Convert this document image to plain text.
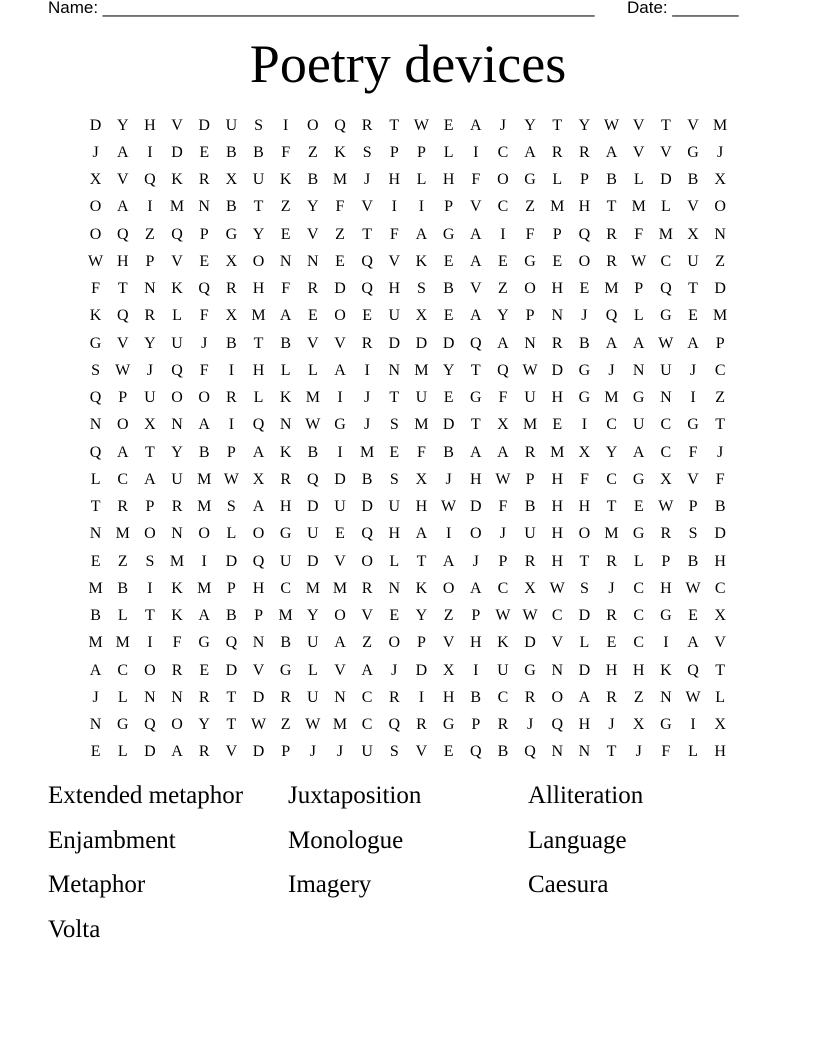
Name: ____________________________________________________ Date: _______
Poetry devices
D Y H V D U	S	I	O Q	R	T W E	A	J	Y	T	Y W V	T	V M
J	A	I	D	E	B	B	F	Z	K	S	P	P	L	I	C	A	R	R	A V V G	J
X V Q K	R	X U K	B M	J	H	L	H	F	O G	L	P	B	L	D	B	X
O A	I	M N	B	T	Z	Y	F	V	I	I	P	V	C	Z M H	T M L	V O
O Q	Z	Q	P	G Y	E	V	Z	T	F	A G A	I	F	P	Q	R	F M X N
W H	P	V	E	X O N N	E	Q V K	E	A	E	G	E	O	R W C	U	Z
F	T	N K Q	R	H	F	R	D Q H	S	B	V	Z	O H	E M P	Q	T	D
K Q	R	L	F	X M A	E	O	E	U X	E	A Y	P	N	J	Q	L	G	E M
G V Y U	J	B	T	B	V V	R	D D D Q A N	R	B	A A W A	P
S W	J	Q	F	I	H	L	L	A	I	N M Y	T	Q W D G	J	N U	J	C
Q	P	U O O	R	L	K M	I	J	T	U	E	G	F	U H G M G N	I	Z
N O X N A	I	Q N W G	J	S M D	T	X M E	I	C	U	C	G	T
Q A	T	Y	B	P	A K	B	I	M E	F	B	A A	R M X Y A	C	F	J
L	C	A U M W X	R	Q D	B	S	X	J	H W P	H	F	C	G X V	F
T	R	P	R M S	A H D U D U H W D	F	B	H H	T	E W P	B
N M O N O	L	O G U	E	Q H A	I	O	J	U H O M G	R	S	D
E	Z	S M	I	D Q U D V O	L	T	A	J	P	R	H	T	R	L	P	B	H
M B	I	K M P	H	C M M R	N K O A	C	X W S	J	C	H W C
B	L	T	K A	B	P M Y O V	E	Y	Z	P W W C	D	R	C	G	E	X
M M	I	F	G Q N	B	U A	Z	O	P	V H K D V	L	E	C	I	A V
A	C	O	R	E	D V G	L	V A	J	D X	I	U G N D H H K Q	T
J	L	N N	R	T	D	R	U N	C	R	I	H	B	C	R	O A	R	Z	N W L
N G Q O Y	T W Z W M C	Q	R	G	P	R	J	Q H	J	X G	I	X
E	L	D A	R	V D	P	J	J	U	S	V	E	Q	B	Q N N	T	J	F	L	H
Extended metaphor	Juxtaposition	Alliteration
Enjambment	Monologue	Language
Metaphor	Imagery	Caesura
Volta
